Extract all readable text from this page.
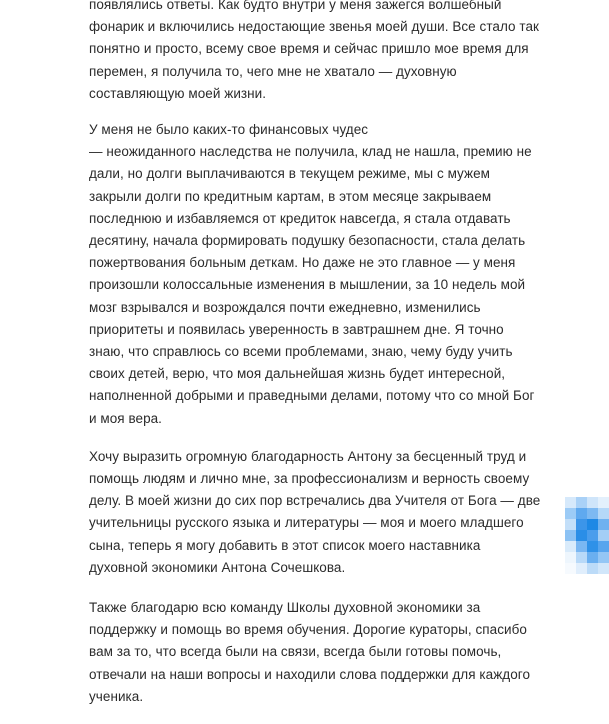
появлялись ответы. Как будто внутри у меня зажегся волшебный
фонарик и включились недостающие звенья моей души. Все стало так
понятно и просто, всему свое время и сейчас пришло мое время для
перемен, я получила то, чего мне не хватало — духовную
составляющую моей жизни.

У меня не было каких-то финансовых чудес
— неожиданного наследства не получила, клад не нашла, премию не
дали, но долги выплачиваются в текущем режиме, мы с мужем
закрыли долги по кредитным картам, в этом месяце закрываем
последнюю и избавляемся от кредиток навсегда, я стала отдавать
десятину, начала формировать подушку безопасности, стала делать
пожертвования больным деткам. Но даже не это главное — у меня
произошли колоссальные изменения в мышлении, за 10 недель мой
мозг взрывался и возрождался почти ежедневно, изменились
приоритеты и появилась уверенность в завтрашнем дне. Я точно
знаю, что справлюсь со всеми проблемами, знаю, чему буду учить
своих детей, верю, что моя дальнейшая жизнь будет интересной,
наполненной добрыми и праведными делами, потому что со мной Бог
и моя вера.

Хочу выразить огромную благодарность Антону за бесценный труд и
помощь людям и лично мне, за профессионализм и верность своему
делу. В моей жизни до сих пор встречались два Учителя от Бога — две
учительницы русского языка и литературы — моя и моего младшего
сына, теперь я могу добавить в этот список моего наставника
духовной экономики Антона Сочешкова.

Также благодарю всю команду Школы духовной экономики за
поддержку и помощь во время обучения. Дорогие кураторы, спасибо
вам за то, что всегда были на связи, всегда были готовы помочь,
отвечали на наши вопросы и находили слова поддержки для каждого
ученика.
